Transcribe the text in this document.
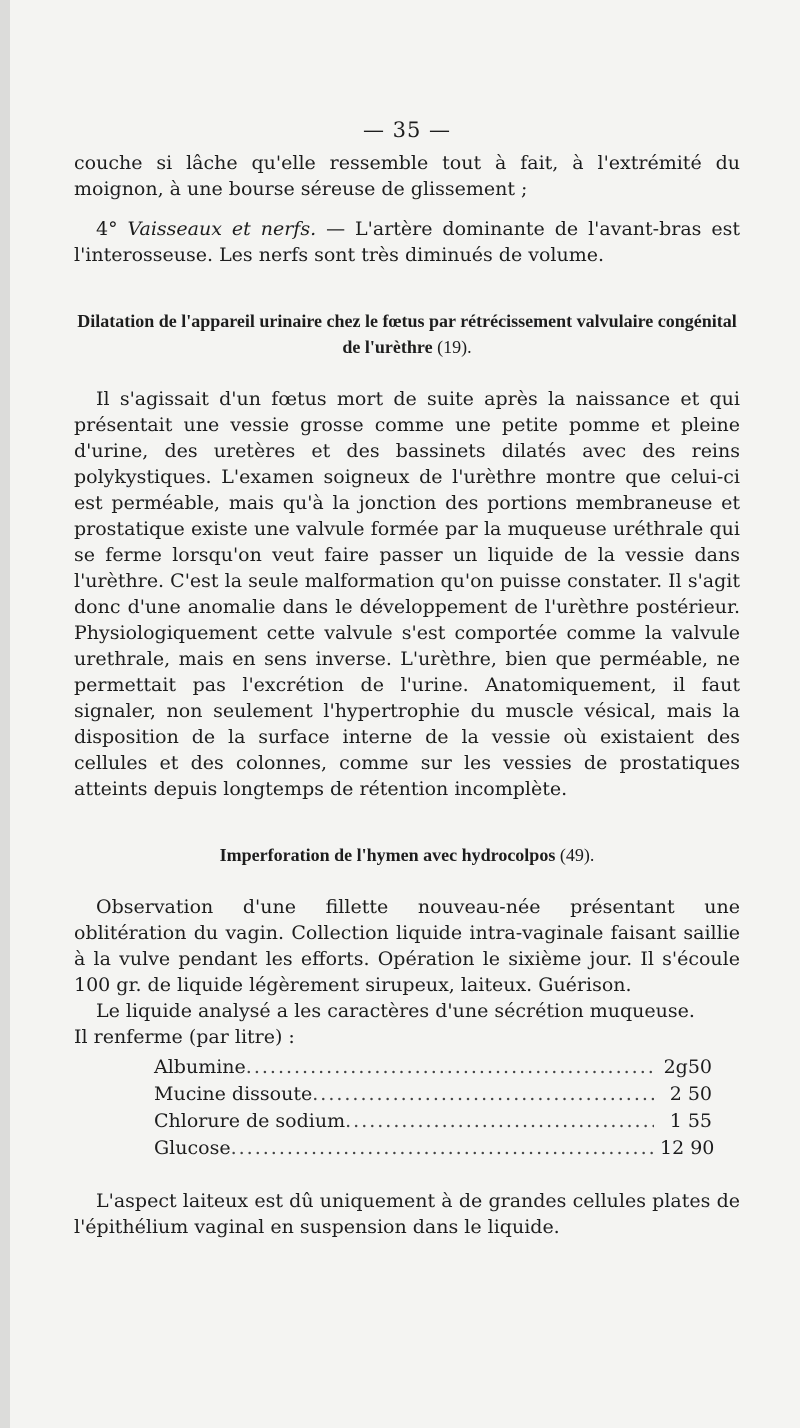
— 35 —

couche si lâche qu'elle ressemble tout à fait, à l'extrémité du moignon, à une bourse séreuse de glissement ;

4° Vaisseaux et nerfs. — L'artère dominante de l'avant-bras est l'interosseuse. Les nerfs sont très diminués de volume.

Dilatation de l'appareil urinaire chez le fœtus par rétrécissement valvulaire congénital de l'urèthre (19).

Il s'agissait d'un fœtus mort de suite après la naissance et qui présentait une vessie grosse comme une petite pomme et pleine d'urine, des uretères et des bassinets dilatés avec des reins polykystiques. L'examen soigneux de l'urèthre montre que celui-ci est perméable, mais qu'à la jonction des portions membraneuse et prostatique existe une valvule formée par la muqueuse uréthrale qui se ferme lorsqu'on veut faire passer un liquide de la vessie dans l'urèthre. C'est la seule malformation qu'on puisse constater. Il s'agit donc d'une anomalie dans le développement de l'urèthre postérieur. Physiologiquement cette valvule s'est comportée comme la valvule urethrale, mais en sens inverse. L'urèthre, bien que perméable, ne permettait pas l'excrétion de l'urine. Anatomiquement, il faut signaler, non seulement l'hypertrophie du muscle vésical, mais la disposition de la surface interne de la vessie où existaient des cellules et des colonnes, comme sur les vessies de prostatiques atteints depuis longtemps de rétention incomplète.

Imperforation de l'hymen avec hydrocolpos (49).

Observation d'une fillette nouveau-née présentant une oblitération du vagin. Collection liquide intra-vaginale faisant saillie à la vulve pendant les efforts. Opération le sixième jour. Il s'écoule 100 gr. de liquide légèrement sirupeux, laiteux. Guérison.

Le liquide analysé a les caractères d'une sécrétion muqueuse.

Il renferme (par litre) :

Albumine .....	2g50
Mucine dissoute .....	2 50
Chlorure de sodium .....	1 55
Glucose .....	12 90

L'aspect laiteux est dû uniquement à de grandes cellules plates de l'épithélium vaginal en suspension dans le liquide.
